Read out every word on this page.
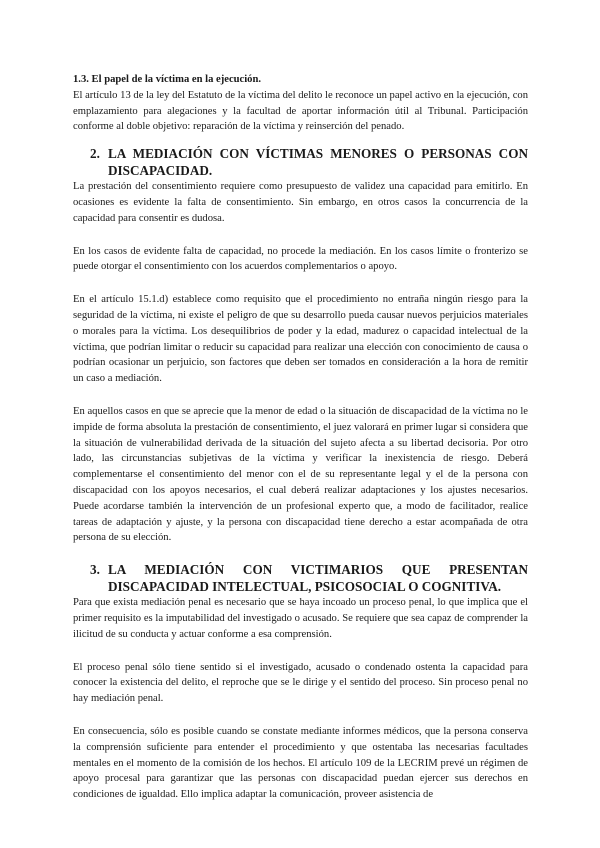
1.3. El papel de la víctima en la ejecución.

El artículo 13 de la ley del Estatuto de la víctima del delito le reconoce un papel activo en la ejecución, con emplazamiento para alegaciones y la facultad de aportar información útil al Tribunal. Participación conforme al doble objetivo: reparación de la víctima y reinserción del penado.

2. LA MEDIACIÓN CON VÍCTIMAS MENORES O PERSONAS CON DISCAPACIDAD.

La prestación del consentimiento requiere como presupuesto de validez una capacidad para emitirlo. En ocasiones es evidente la falta de consentimiento. Sin embargo, en otros casos la concurrencia de la capacidad para consentir es dudosa.

En los casos de evidente falta de capacidad, no procede la mediación. En los casos límite o fronterizo se puede otorgar el consentimiento con los acuerdos complementarios o apoyo.

En el artículo 15.1.d) establece como requisito que el procedimiento no entraña ningún riesgo para la seguridad de la víctima, ni existe el peligro de que su desarrollo pueda causar nuevos perjuicios materiales o morales para la víctima. Los desequilibrios de poder y la edad, madurez o capacidad intelectual de la víctima, que podrían limitar o reducir su capacidad para realizar una elección con conocimiento de causa o podrían ocasionar un perjuicio, son factores que deben ser tomados en consideración a la hora de remitir un caso a mediación.

En aquellos casos en que se aprecie que la menor de edad o la situación de discapacidad de la víctima no le impide de forma absoluta la prestación de consentimiento, el juez valorará en primer lugar si considera que la situación de vulnerabilidad derivada de la situación del sujeto afecta a su libertad decisoria. Por otro lado, las circunstancias subjetivas de la víctima y verificar la inexistencia de riesgo. Deberá complementarse el consentimiento del menor con el de su representante legal y el de la persona con discapacidad con los apoyos necesarios, el cual deberá realizar adaptaciones y los ajustes necesarios. Puede acordarse también la intervención de un profesional experto que, a modo de facilitador, realice tareas de adaptación y ajuste, y la persona con discapacidad tiene derecho a estar acompañada de otra persona de su elección.

3. LA MEDIACIÓN CON VICTIMARIOS QUE PRESENTAN DISCAPACIDAD INTELECTUAL, PSICOSOCIAL O COGNITIVA.

Para que exista mediación penal es necesario que se haya incoado un proceso penal, lo que implica que el primer requisito es la imputabilidad del investigado o acusado. Se requiere que sea capaz de comprender la ilicitud de su conducta y actuar conforme a esa comprensión.

El proceso penal sólo tiene sentido si el investigado, acusado o condenado ostenta la capacidad para conocer la existencia del delito, el reproche que se le dirige y el sentido del proceso. Sin proceso penal no hay mediación penal.

En consecuencia, sólo es posible cuando se constate mediante informes médicos, que la persona conserva la comprensión suficiente para entender el procedimiento y que ostentaba las necesarias facultades mentales en el momento de la comisión de los hechos. El artículo 109 de la LECRIM prevé un régimen de apoyo procesal para garantizar que las personas con discapacidad puedan ejercer sus derechos en condiciones de igualdad. Ello implica adaptar la comunicación, proveer asistencia de
